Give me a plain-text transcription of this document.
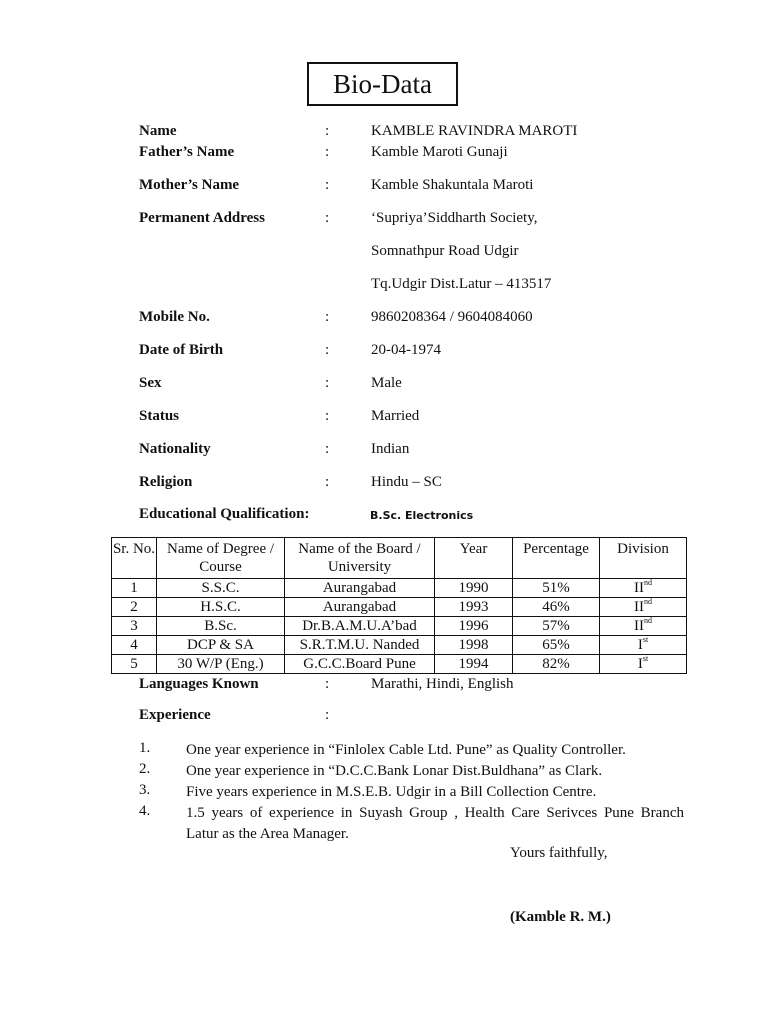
Bio-Data
Name	:	KAMBLE RAVINDRA MAROTI
Father’s Name	:	Kamble Maroti Gunaji
Mother’s Name	:	Kamble Shakuntala Maroti
Permanent Address	:	‘Supriya’Siddharth Society,
Somnathpur Road Udgir
Tq.Udgir Dist.Latur – 413517
Mobile No.	:	9860208364 / 9604084060
Date of Birth	:	20-04-1974
Sex	:	Male
Status	:	Married
Nationality	:	Indian
Religion	:	Hindu – SC
Educational Qualification:	B.Sc. Electronics
Sr. No.	Name of Degree / Course	Name of the Board / University	Year	Percentage	Division
1	S.S.C.	Aurangabad	1990	51%	IInd
2	H.S.C.	Aurangabad	1993	46%	IInd
3	B.Sc.	Dr.B.A.M.U.A’bad	1996	57%	IInd
4	DCP & SA	S.R.T.M.U. Nanded	1998	65%	Ist
5	30 W/P (Eng.)	G.C.C.Board Pune	1994	82%	Ist
Languages Known	:	Marathi, Hindi, English
Experience	:
1. One year experience in “Finlolex Cable Ltd. Pune” as Quality Controller.
2. One year experience in “D.C.C.Bank Lonar Dist.Buldhana” as Clark.
3. Five years experience in M.S.E.B. Udgir in a Bill Collection Centre.
4. 1.5 years of experience in Suyash Group , Health Care Serivces Pune Branch Latur as the Area Manager.
Yours faithfully,
(Kamble R. M.)
